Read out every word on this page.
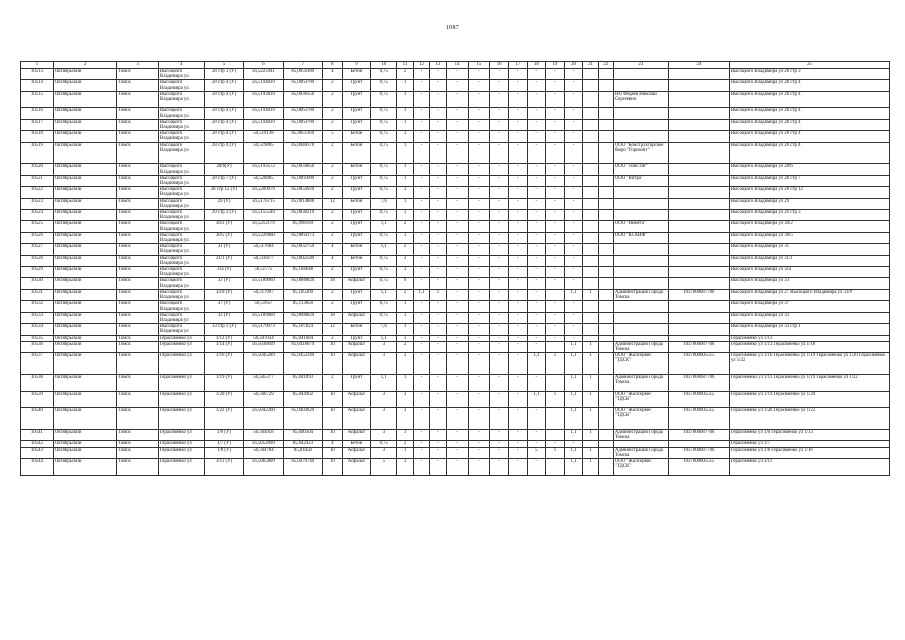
1087
1	2	3	4	5	6	7	8	9	10	11	12	13	14	15	16	17	18	19	20	21	22	23	24	25
10513	Октябрьский	Томск	Высоцкого Владимира ул.	28 стр 3 (У)	56,5225941	85,0059389	4	Бетон	0,75	2	-	-	-	-	-	-	-	-	-					Высоцкого Владимира ул 28 стр 3
10514	Октябрьский	Томск	Высоцкого Владимира ул.	28 стр 4 (У)	56,5194019	85,0063789	2	Грунт	0,75	1	-	-	-	-	-	-	-	-	-					Высоцкого Владимира ул 28 стр 4
10515	Октябрьский	Томск	Высоцкого Владимира ул.	28 стр 4 (У)	56,5193839	85,0038350	2	Грунт	0,75	1	-	-	-	-	-	-	-	-	-			ИП Федяев Николай Сергеевич		Высоцкого Владимира ул 28 стр 4
10516	Октябрьский	Томск	Высоцкого Владимира ул.	28 стр 4 (У)	56,5194019	85,0063789	2	Грунт	0,75	1	-	-	-	-	-	-	-	-	-					Высоцкого Владимира ул 28 стр 4
10517	Октябрьский	Томск	Высоцкого Владимира ул.	28 стр 4 (У)	56,5194019	85,0063789	2	Грунт	0,75	1	-	-	-	-	-	-	-	-	-					Высоцкого Владимира ул 28 стр 4
10518	Октябрьский	Томск	Высоцкого Владимира ул.	28 стр 4 (У)	56,519138	85,0051169	5	Бетон	0,75	1	-	-	-	-	-	-	-	-	-					Высоцкого Владимира ул 28 стр 4
10519	Октябрьский	Томск	Высоцкого Владимира ул.	28 стр 4 (У)	56,519805	85,0048370	2	Бетон	0,75	1	-	-	-	-	-	-	-	-	-			ООО "Конструкторское бюро "Горизонт"		Высоцкого Владимира ул 28 стр 4
10520	Октябрьский	Томск	Высоцкого Владимира ул.	28/6(У)	56,5193572	85,0034650	2	Бетон	0,75	1	-	-	-	-	-	-	-	-	-			ООО "ТомСтиг"		Высоцкого Владимира ул 28/6
10521	Октябрьский	Томск	Высоцкого Владимира ул.	28 стр 7 (У)	56,520885	85,0061089	2	Грунт	0,75	1	-	-	-	-	-	-	-	-	-			ООО "Витра"		Высоцкого Владимира ул 28 стр 7
10522	Октябрьский	Томск	Высоцкого Владимира ул.	28 стр 12 (У)	56,5209979	85,0054929	2	Грунт	0,75	1	-	-	-	-	-	-	-	-	-					Высоцкого Владимира ул 28 стр 12
10523	Октябрьский	Томск	Высоцкого Владимира ул.	29 (У)	56,5176715	85,0014808	12	Бетон	7,6	1	-	-	-	-	-	-	-	-	-					Высоцкого Владимира ул 29
10524	Октябрьский	Томск	Высоцкого Владимира ул.	29 стр 3 (У)	56,5155549	85,0030219	2	Грунт	0,75	1	-	-	-	-	-	-	-	-	-					Высоцкого Владимира ул 29 стр 3
10525	Октябрьский	Томск	Высоцкого Владимира ул.	30/2 (У)	56,5212179	85,098189	2	Грунт	1,1	2	-	-	-	-	-	-	-	-	-			ООО "Нимета"		Высоцкого Владимира ул 30/2
10526	Октябрьский	Томск	Высоцкого Владимира ул.	30/5 (У)	56,5228860	85,0064173	2	Грунт	0,75	1	-	-	-	-	-	-	-	-	-			ООО "КСАЙФ"		Высоцкого Владимира ул 30/5
10527	Октябрьский	Томск	Высоцкого Владимира ул.	31 (У)	56,517684	85,0032759	4	Бетон	1,1	2	-	-	-	-	-	-	-	-	-					Высоцкого Владимира ул 31
10528	Октябрьский	Томск	Высоцкого Владимира ул.	31/1 (У)	56,516477	85,0042589	4	Бетон	0,75	2	-	-	-	-	-	-	-	-	-					Высоцкого Владимира ул 31/1
10529	Октябрьский	Томск	Высоцкого Владимира ул.	31а (У)	56,51775	85,104648	2	Грунт	0,75	1	-	-	-	-	-	-	-	-	-					Высоцкого Владимира ул 31а
10530	Октябрьский	Томск	Высоцкого Владимира ул.	33 (У)	56,5189069	85,0088829	18	Асфальт	0,75	9	-	-	-	-	-	-	-	-	-					Высоцкого Владимира ул 33
10531	Октябрьский	Томск	Высоцкого Владимира ул.	33/9 (У)	56,517997	85,105309	2	Грунт	1,1	2	1,1	1	-	-	-	-	-		1,1	1		Администрация Города Томска	1037000087706	Высоцкого Владимира ул 27 Высоцкого Владимира ул 33/9
10532	Октябрьский	Томск	Высоцкого Владимира ул.	37 (У)	56,51657	85,113858	2	Грунт	0,75	1	-	-	-	-	-	-	-	-	-					Высоцкого Владимира ул 37
10533	Октябрьский	Томск	Высоцкого Владимира ул	33 (У)	56,5189069	85,0088829	18	Асфальт	0,75	1	-	-	-	-	-	-	-	-	-					Высоцкого Владимира ул 33
10534	Октябрьский	Томск	Высоцкого Владимира ул	33 стр 1 (У)	56,5179973	85,107824	12	Бетон	7,6	1	-	-	-	-	-	-	-	-	-					Высоцкого Владимира ул 33 стр 1
10535	Октябрьский	Томск	Герасименко ул	1/13 (У)	56,507034	85,041684	2	Грунт	1,1	1	-	-	-	-	-	-	-	-	-					Герасименко ул 1/13
10536	Октябрьский	Томск	Герасименко ул	1/14 (У)	56,5038699	85,0418079	10	Асфальт	3	2	-	-	-	-	-	-	-		1,1	1		Администрация Города Томска	1037000087706	Герасименко ул 1/13 Герасименко ул 1/18
10537	Октябрьский	Томск	Герасименко ул	1/16 (У)	56,5045289	85,0452349	10	Асфальт	3	2	-	-	-	-	-	-	1,1	1	1,1	1		ООО "Жилсервис "ТДСК"	1037000005515	Герасименко ул 1/16 Герасименко ул 1/19 Герасименко ул 1/20 Герасименко ул 1/22
10538	Октябрьский	Томск	Герасименко ул	1/19 (У)	56,505377	85,041093	2	Грунт	1,1	1	-	-	-	-	-	-	-		1,1	1		Администрация Города Томска	1037000087706	Герасименко ул 1/13 Герасименко ул 1/19 Герасименко ул 1/22
10539	Октябрьский	Томск	Герасименко ул	1/20 (У)	56,506729	85,044902	10	Асфальт	3	3	-	-	-	-	-	-	1,1	1	1,1	1		ООО "Жилсервис "ТДСК"	1037000005515	Герасименко ул 1/19 Герасименко ул 1/20
10540	Октябрьский	Томск	Герасименко ул	1/22 (У)	56,5042260	85,0403829	10	Асфальт	3	3	-	-	-	-	-	-	-		1,1	1		ООО "Жилсервис "ТДСК"	1037000005515	Герасименко ул 1/20 Герасименко ул 1/22
10541	Октябрьский	Томск	Герасименко ул	1/6 (У)	56,504958	85,040504	10	Асфальт	3	1	-	-	-	-	-	-	-		1,1	1		Администрация Города Томска	1037000087706	Герасименко ул 1/6 Герасименко ул 1/13
10542	Октябрьский	Томск	Герасименко ул	1/7 (У)	56,5052099	85,042423	4	Бетон	0,75	2	-	-	-	-	-	-	-	-	-					Герасименко ул 1/7
10543	Октябрьский	Томск	Герасименко ул	1/8 (У)	56,504784	85,04458	10	Асфальт	3	1	-	-	-	-	-	-	5	1	1,1	1		Администрация Города Томска	1037000087706	Герасименко ул 1/8 Герасименко ул 1/16
10544	Октябрьский	Томск	Герасименко ул	3/11 (У)	56,5065809	85,0479749	10	Асфальт	5	1	-	-	-	-	-	-	-		1,1	1		ООО "Жилсервис "ТДСК"	1037000005515	Герасименко ул 3/11
